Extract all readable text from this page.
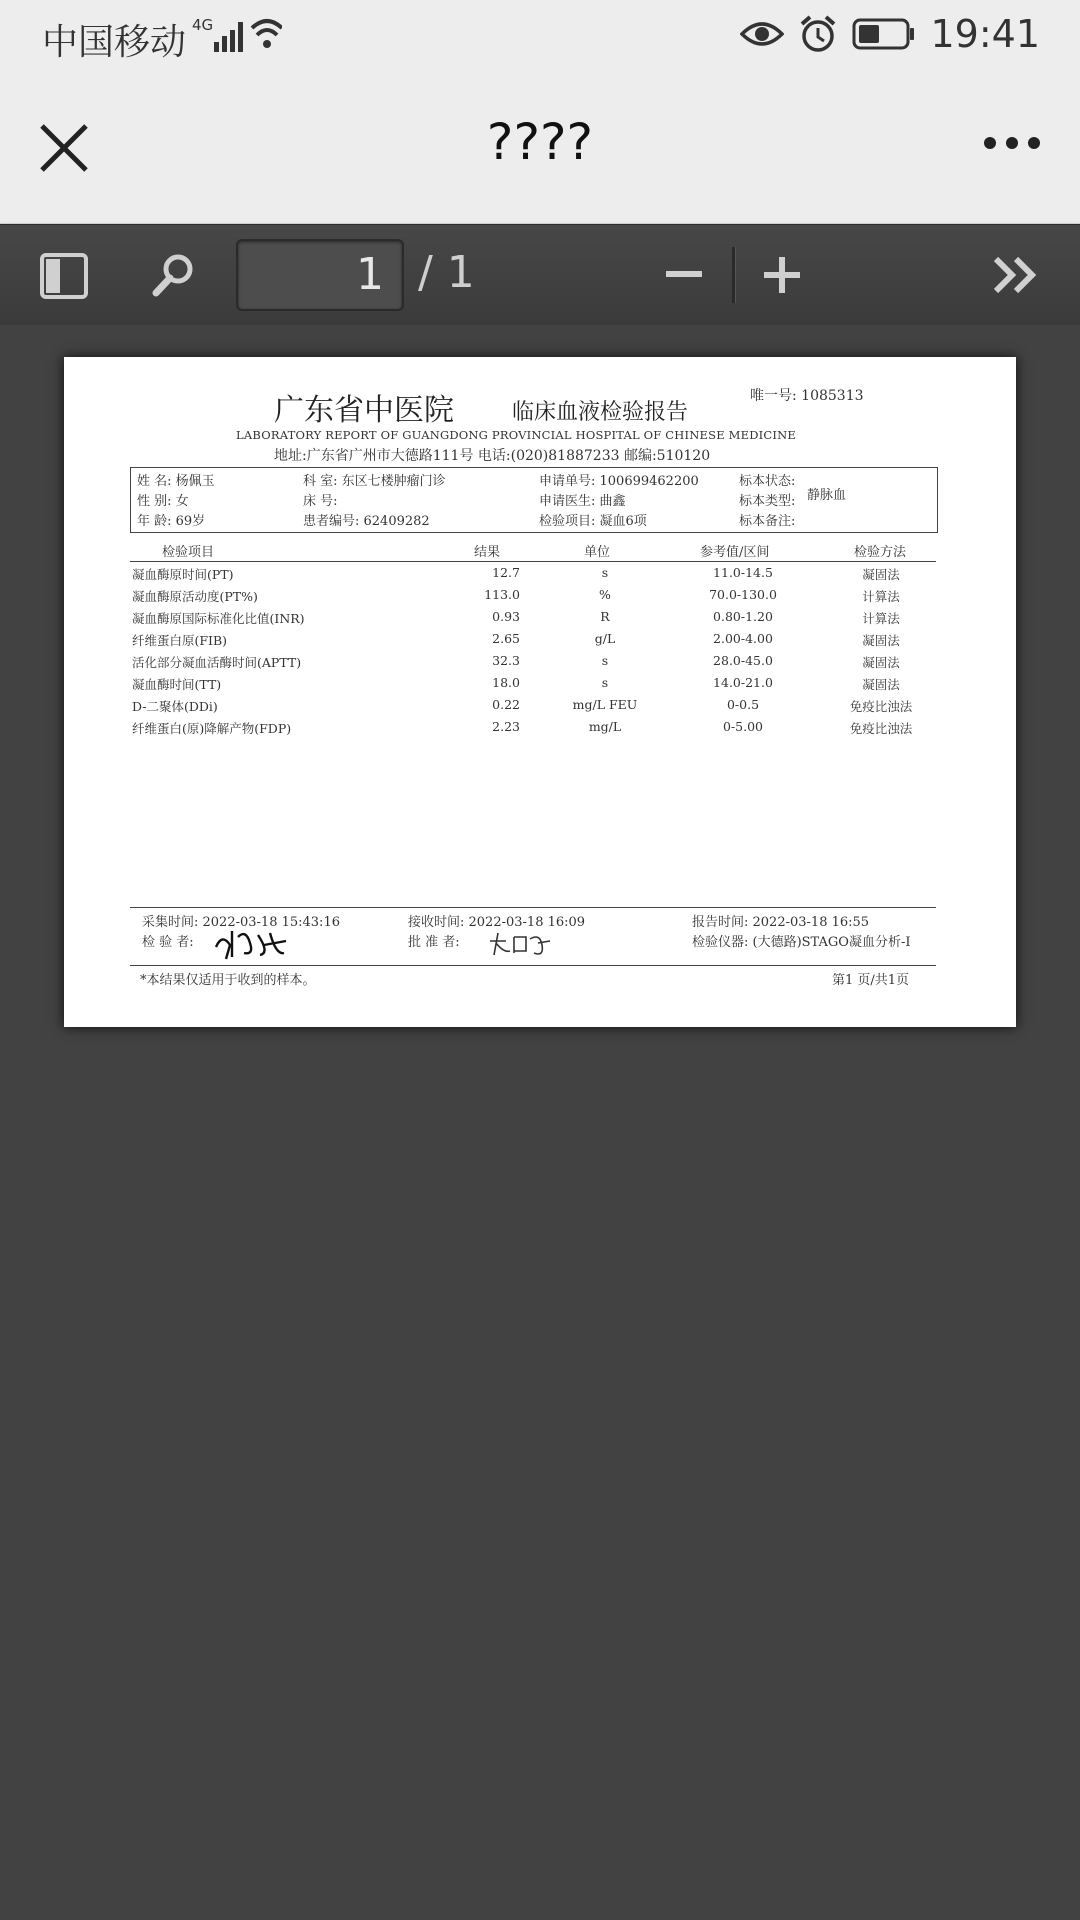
中国移动 4G	19:41
????
1 / 1
广东省中医院	临床血液检验报告
唯一号: 1085313
LABORATORY REPORT OF GUANGDONG PROVINCIAL HOSPITAL OF CHINESE MEDICINE
地址:广东省广州市大德路111号 电话:(020)81887233 邮编:510120
姓 名: 杨佩玉
性 别: 女
年 龄: 69岁
科 室: 东区七楼肿瘤门诊
床 号:
患者编号: 62409282
申请单号: 100699462200
申请医生: 曲鑫
检验项目: 凝血6项
标本状态:
标本类型: 静脉血
标本备注:
检验项目	结果	单位	参考值/区间	检验方法
凝血酶原时间(PT)	12.7	s	11.0-14.5	凝固法
凝血酶原活动度(PT%)	113.0	%	70.0-130.0	计算法
凝血酶原国际标准化比值(INR)	0.93	R	0.80-1.20	计算法
纤维蛋白原(FIB)	2.65	g/L	2.00-4.00	凝固法
活化部分凝血活酶时间(APTT)	32.3	s	28.0-45.0	凝固法
凝血酶时间(TT)	18.0	s	14.0-21.0	凝固法
D-二聚体(DDi)	0.22	mg/L FEU	0-0.5	免疫比浊法
纤维蛋白(原)降解产物(FDP)	2.23	mg/L	0-5.00	免疫比浊法
采集时间: 2022-03-18 15:43:16	接收时间: 2022-03-18 16:09	报告时间: 2022-03-18 16:55
检 验 者:	批 准 者:	检验仪器: (大德路)STAGO凝血分析-I
*本结果仅适用于收到的样本。	第1 页/共1页
